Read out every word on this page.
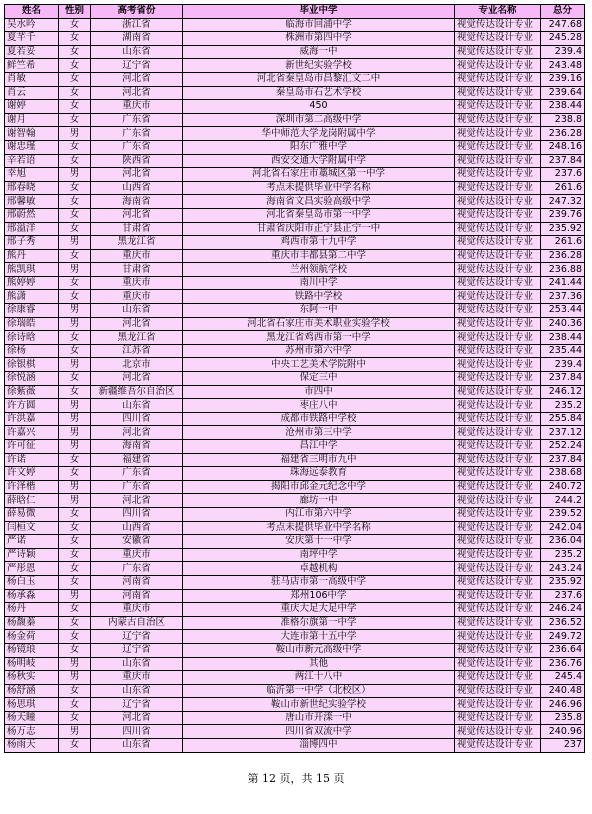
姓名	性别	高考省份	毕业中学	专业名称	总分
吴水吟	女	浙江省	临海市回浦中学	视觉传达设计专业	247.68
夏芊千	女	湖南省	株洲市第四中学	视觉传达设计专业	245.28
夏若妥	女	山东省	威海一中	视觉传达设计专业	239.4
鲜竺希	女	辽宁省	新世纪实验学校	视觉传达设计专业	243.48
肖敏	女	河北省	河北省秦皇岛市昌黎汇文二中	视觉传达设计专业	239.16
肖云	女	河北省	秦皇岛市石艺术学校	视觉传达设计专业	239.64
谢婷	女	重庆市	450	视觉传达设计专业	238.44
谢月	女	广东省	深圳市第二高级中学	视觉传达设计专业	238.8
谢智翰	男	广东省	华中师范大学龙岗附属中学	视觉传达设计专业	236.28
谢忠瑾	女	广东省	阳东广雅中学	视觉传达设计专业	248.16
辛若语	女	陕西省	西安交通大学附属中学	视觉传达设计专业	237.84
幸旭	男	河北省	河北省石家庄市藁城区第一中学	视觉传达设计专业	237.6
邢春晓	女	山西省	考点未提供毕业中学名称	视觉传达设计专业	261.6
邢馨敏	女	海南省	海南省文昌实验高级中学	视觉传达设计专业	247.32
邢蔚然	女	河北省	河北省秦皇岛市第一中学	视觉传达设计专业	239.76
邢溢洋	女	甘肃省	甘肃省庆阳市正宁县正宁一中	视觉传达设计专业	235.92
邢子秀	男	黑龙江省	鸡西市第十九中学	视觉传达设计专业	261.6
熊丹	女	重庆市	重庆市丰都县第二中学	视觉传达设计专业	236.28
熊凯琪	男	甘肃省	兰州领航学校	视觉传达设计专业	236.88
熊婷婷	女	重庆市	南川中学	视觉传达设计专业	241.44
熊潇	女	重庆市	铁路中学校	视觉传达设计专业	237.36
徐康睿	男	山东省	东阿一中	视觉传达设计专业	253.44
徐瑞皓	男	河北省	河北省石家庄市美术职业实验学校	视觉传达设计专业	240.36
徐诗晗	女	黑龙江省	黑龙江省鸡西市第一中学	视觉传达设计专业	238.44
徐杨	女	江苏省	苏州市第六中学	视觉传达设计专业	235.44
徐银棋	男	北京市	中央工艺美术学院附中	视觉传达设计专业	239.4
徐悦涵	女	河北省	保定三中	视觉传达设计专业	237.84
徐紫薇	女	新疆维吾尔自治区	市四中	视觉传达设计专业	246.12
许方圆	男	山东省	枣庄八中	视觉传达设计专业	235.2
许洪嘉	男	四川省	成都市铁路中学校	视觉传达设计专业	255.84
许嘉兴	男	河北省	沧州市第三中学	视觉传达设计专业	237.12
许可征	男	海南省	昌江中学	视觉传达设计专业	252.24
许诺	女	福建省	福建省三明市九中	视觉传达设计专业	237.84
许文婷	女	广东省	珠海远泰教育	视觉传达设计专业	238.68
许泽楷	男	广东省	揭阳市邱金元纪念中学	视觉传达设计专业	240.72
薛晗仁	男	河北省	廊坊一中	视觉传达设计专业	244.2
薛易微	女	四川省	内江市第六中学	视觉传达设计专业	239.52
闫桓文	女	山西省	考点未提供毕业中学名称	视觉传达设计专业	242.04
严诺	女	安徽省	安庆第十一中学	视觉传达设计专业	236.04
严诗颖	女	重庆市	南坪中学	视觉传达设计专业	235.2
严彤恩	女	广东省	卓越机构	视觉传达设计专业	243.24
杨白玉	女	河南省	驻马店市第一高级中学	视觉传达设计专业	235.92
杨承淼	男	河南省	郑州106中学	视觉传达设计专业	237.6
杨丹	女	重庆市	重庆大足大足中学	视觉传达设计专业	246.24
杨馥蓁	女	内蒙古自治区	准格尔旗第一中学	视觉传达设计专业	236.52
杨金荷	女	辽宁省	大连市第十五中学	视觉传达设计专业	249.72
杨镜琅	女	辽宁省	鞍山市新元高级中学	视觉传达设计专业	236.64
杨明岐	男	山东省	其他	视觉传达设计专业	236.76
杨秋实	男	重庆市	两江十八中	视觉传达设计专业	245.4
杨舒涵	女	山东省	临沂第一中学（北校区）	视觉传达设计专业	240.48
杨思琪	女	辽宁省	鞍山市新世纪实验学校	视觉传达设计专业	246.96
杨天瞳	女	河北省	唐山市开滦一中	视觉传达设计专业	235.8
杨万志	男	四川省	四川省双流中学	视觉传达设计专业	240.96
杨雨天	女	山东省	淄博四中	视觉传达设计专业	237
第 12 页，共 15 页
